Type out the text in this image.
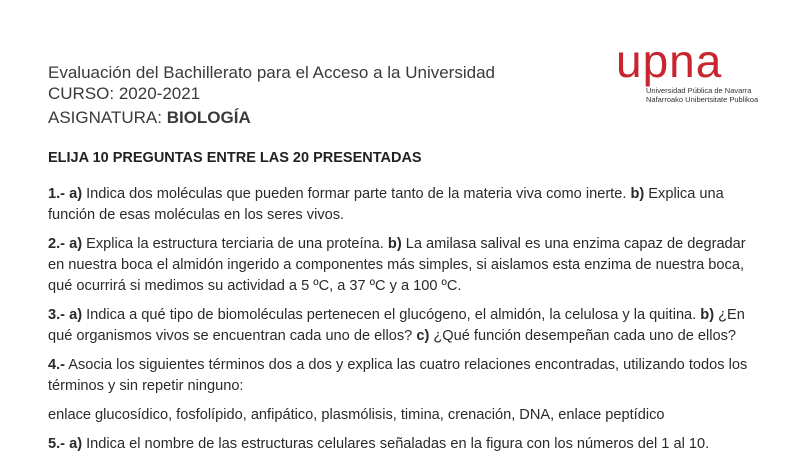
Evaluación del Bachillerato para el Acceso a la Universidad
CURSO: 2020-2021
ASIGNATURA: BIOLOGÍA
upna
Universidad Pública de Navarra
Nafarroako Unibertsitate Publikoa
ELIJA 10 PREGUNTAS ENTRE LAS 20 PRESENTADAS

1.- a) Indica dos moléculas que pueden formar parte tanto de la materia viva como inerte. b) Explica una función de esas moléculas en los seres vivos.

2.- a) Explica la estructura terciaria de una proteína. b) La amilasa salival es una enzima capaz de degradar en nuestra boca el almidón ingerido a componentes más simples, si aislamos esta enzima de nuestra boca, qué ocurrirá si medimos su actividad a 5 ºC, a 37 ºC y a 100 ºC.

3.- a) Indica a qué tipo de biomoléculas pertenecen el glucógeno, el almidón, la celulosa y la quitina. b) ¿En qué organismos vivos se encuentran cada uno de ellos? c) ¿Qué función desempeñan cada uno de ellos?

4.- Asocia los siguientes términos dos a dos y explica las cuatro relaciones encontradas, utilizando todos los términos y sin repetir ninguno:

enlace glucosídico, fosfolípido, anfipático, plasmólisis, timina, crenación, DNA, enlace peptídico

5.- a) Indica el nombre de las estructuras celulares señaladas en la figura con los números del 1 al 10.
